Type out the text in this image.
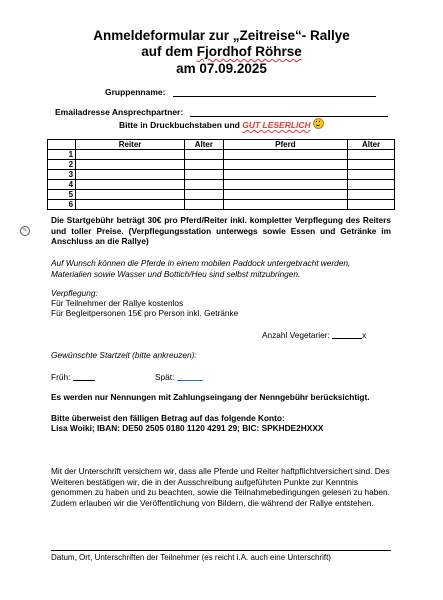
Anmeldeformular zur „Zeitreise“- Rallye
auf dem Fjordhof Röhrse
am 07.09.2025
Gruppenname:
Emailadresse Ansprechpartner:
Bitte in Druckbuchstaben und GUT LESERLICH
	Reiter	Alter	Pferd	Alter
1				
2				
3				
4				
5				
6				
✎
Die Startgebühr beträgt 30€ pro Pferd/Reiter inkl. kompletter Verpflegung des Reiters und toller Preise. (Verpflegungsstation unterwegs sowie Essen und Getränke im Anschluss an die Rallye)
Auf Wunsch können die Pferde in einem mobilen Paddock untergebracht werden, Materialien sowie Wasser und Bottich/Heu sind selbst mitzubringen.
Verpflegung:
Für Teilnehmer der Rallye kostenlos
Für Begleitpersonen 15€ pro Person inkl. Getränke
Anzahl Vegetarier:	x
Gewünschte Startzeit (bitte ankreuzen):
Früh:	Spät:
Es werden nur Nennungen mit Zahlungseingang der Nenngebühr berücksichtigt.
Bitte überweist den fälligen Betrag auf das folgende Konto:
Lisa Woiki; IBAN: DE50 2505 0180 1120 4291 29; BIC: SPKHDE2HXXX
Mit der Unterschrift versichern wir, dass alle Pferde und Reiter haftpflichtversichert sind. Des Weiteren bestätigen wir, die in der Ausschreibung aufgeführten Punkte zur Kenntnis genommen zu haben und zu beachten, sowie die Teilnahmebedingungen gelesen zu haben. Zudem erlauben wir die Veröffentlichung von Bildern, die während der Rallye entstehen.
Datum, Ort, Unterschriften der Teilnehmer (es reicht i.A. auch eine Unterschrift)
